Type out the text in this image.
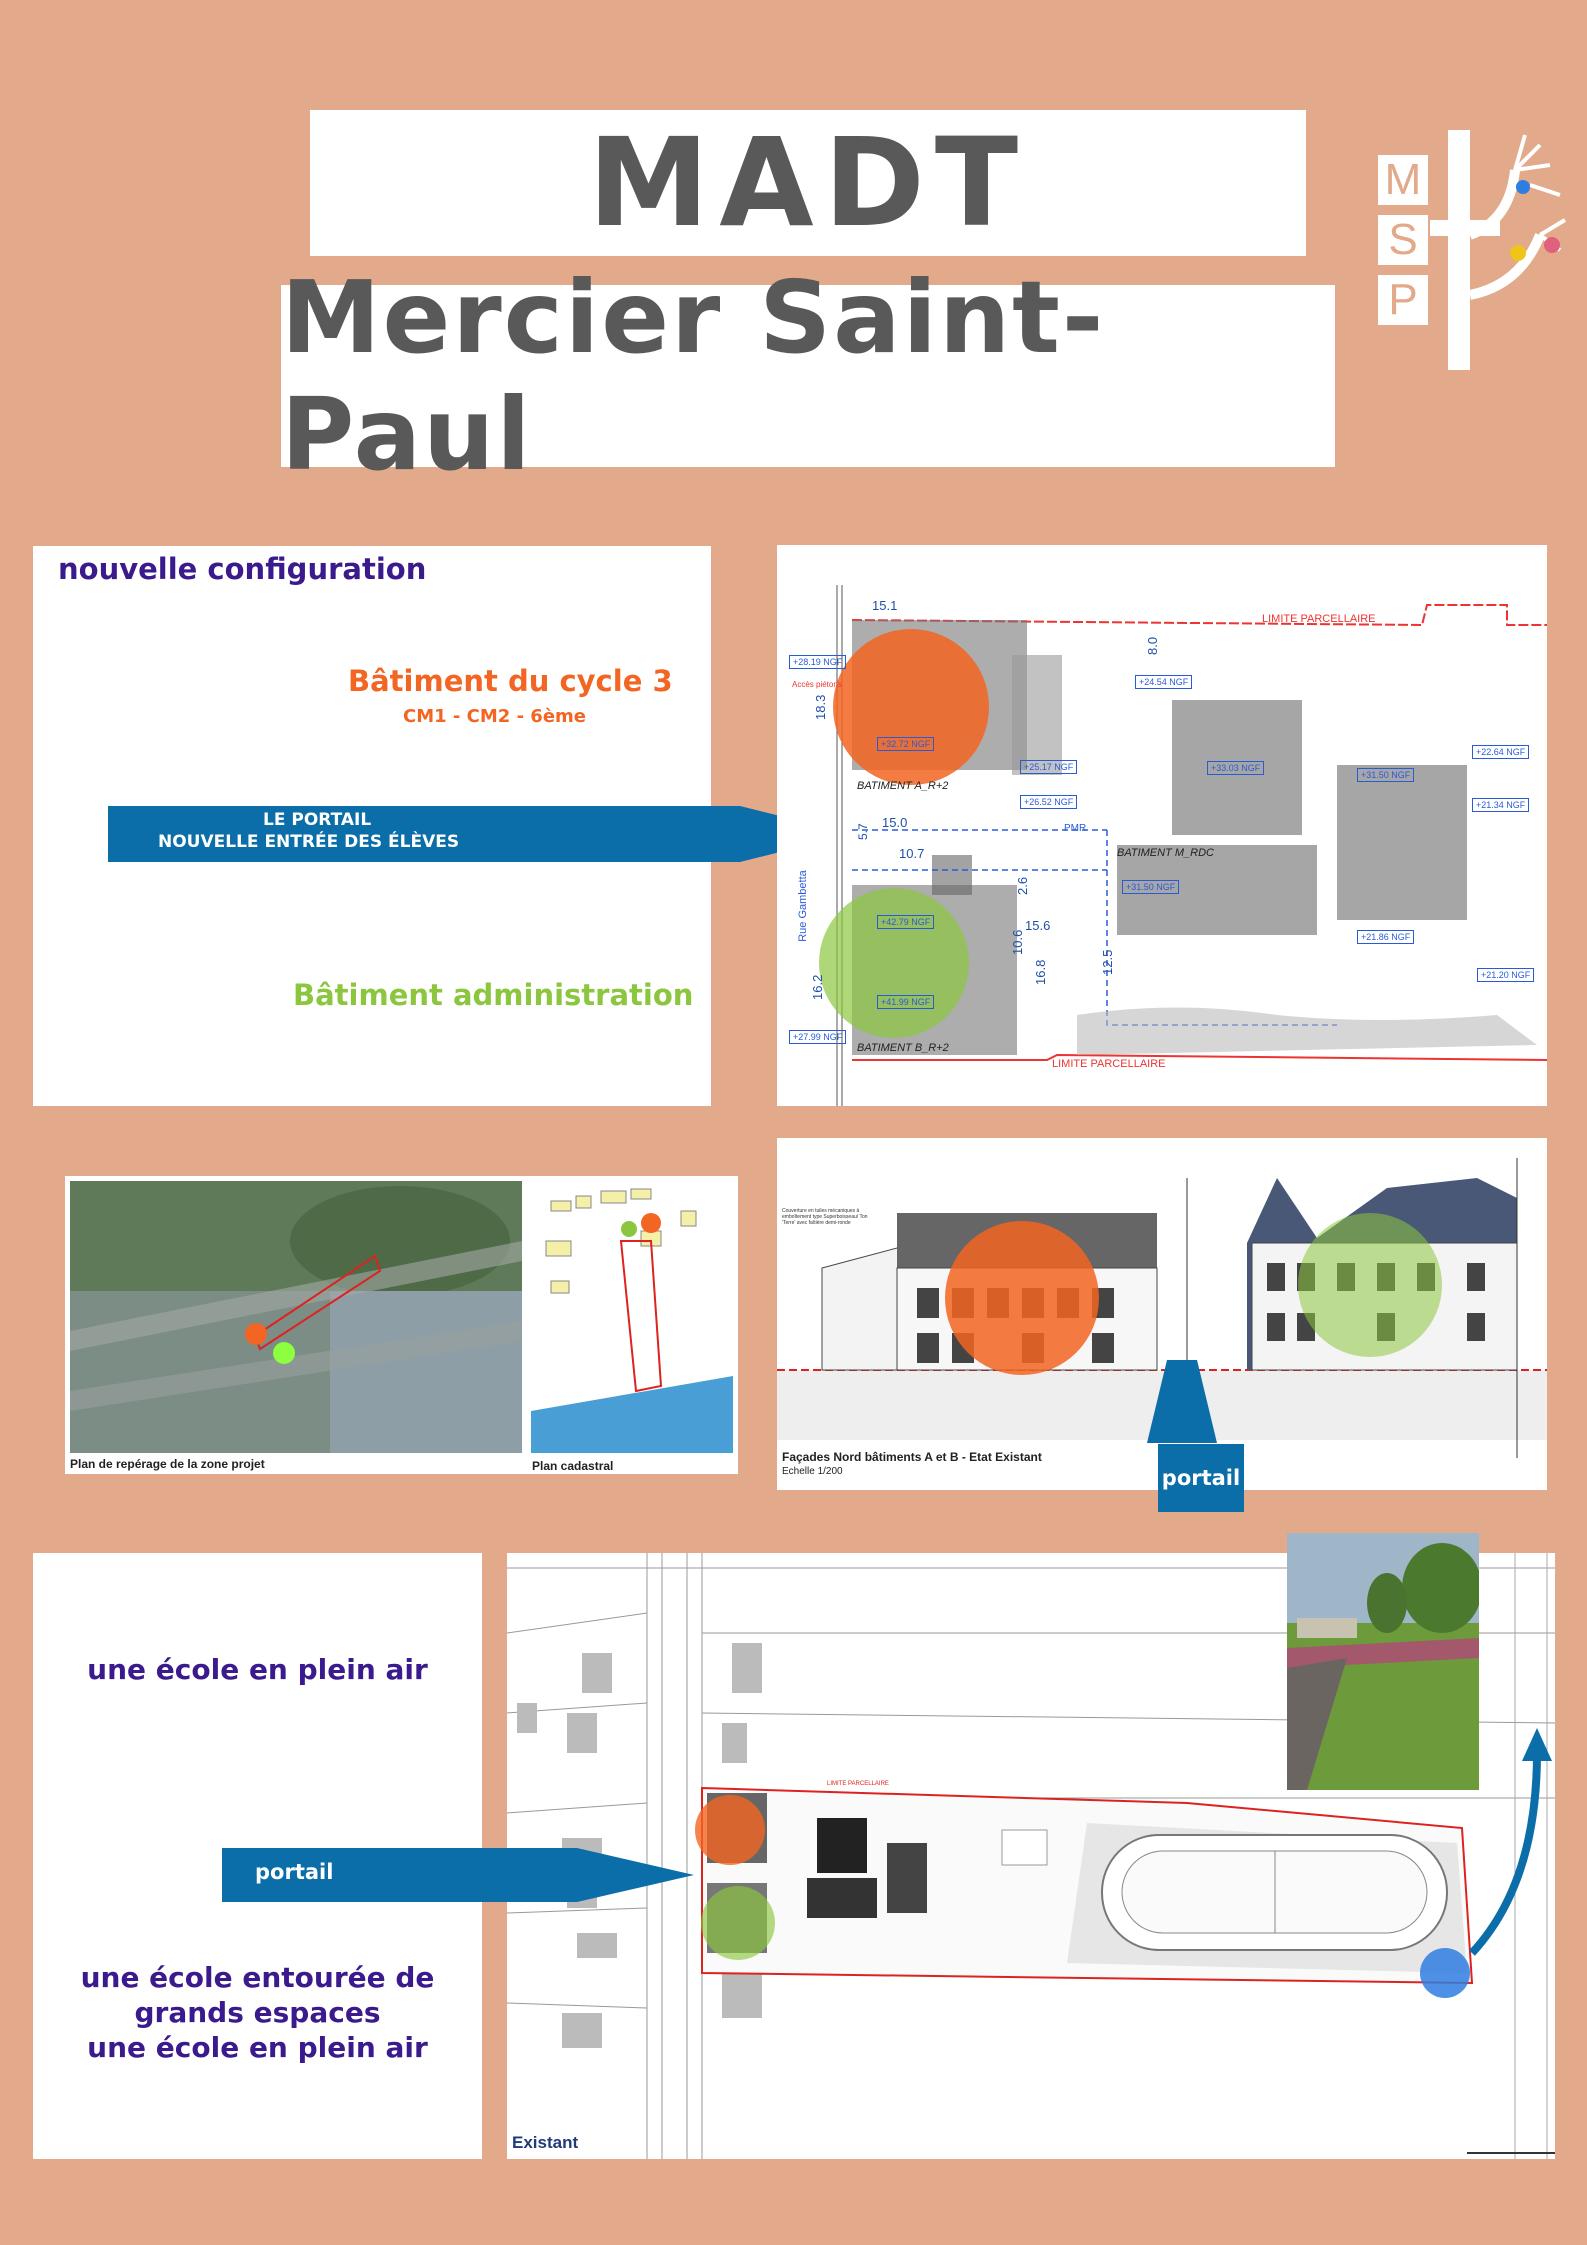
MADT
Mercier Saint-Paul
M
S
P
nouvelle configuration
Bâtiment du cycle 3
CM1 - CM2 - 6ème
Bâtiment administration
LE PORTAIL
NOUVELLE ENTRÉE DES ÉLÈVES
15.1
8.0
18.3
15.0
10.7
2.6
15.6
10.6
16.8	12.5
16.2
5.7
LIMITE PARCELLAIRE
LIMITE PARCELLAIRE
BATIMENT A_R+2
BATIMENT B_R+2
BATIMENT M_RDC
Rue Gambetta
PMR
Accès piétons
+28.19 NGF
+24.54 NGF
+25.17 NGF
+26.52 NGF
+22.64 NGF
+21.34 NGF
+21.86 NGF
+21.20 NGF
+27.99 NGF
+31.50 NGF
+33.03 NGF
+31.50 NGF
+32.72 NGF
+42.79 NGF
+41.99 NGF
Plan de repérage de la zone projet	Plan cadastral
Couverture en tuiles mécaniques à emboîtement type Superboisseau/ Ton 'Terre' avec faîtière demi-ronde
Façades Nord bâtiments A et B - Etat Existant
Echelle 1/200	portail
une école en plein air
une école entourée de
grands espaces
une école en plein air
LIMITE PARCELLAIRE
Existant
portail
